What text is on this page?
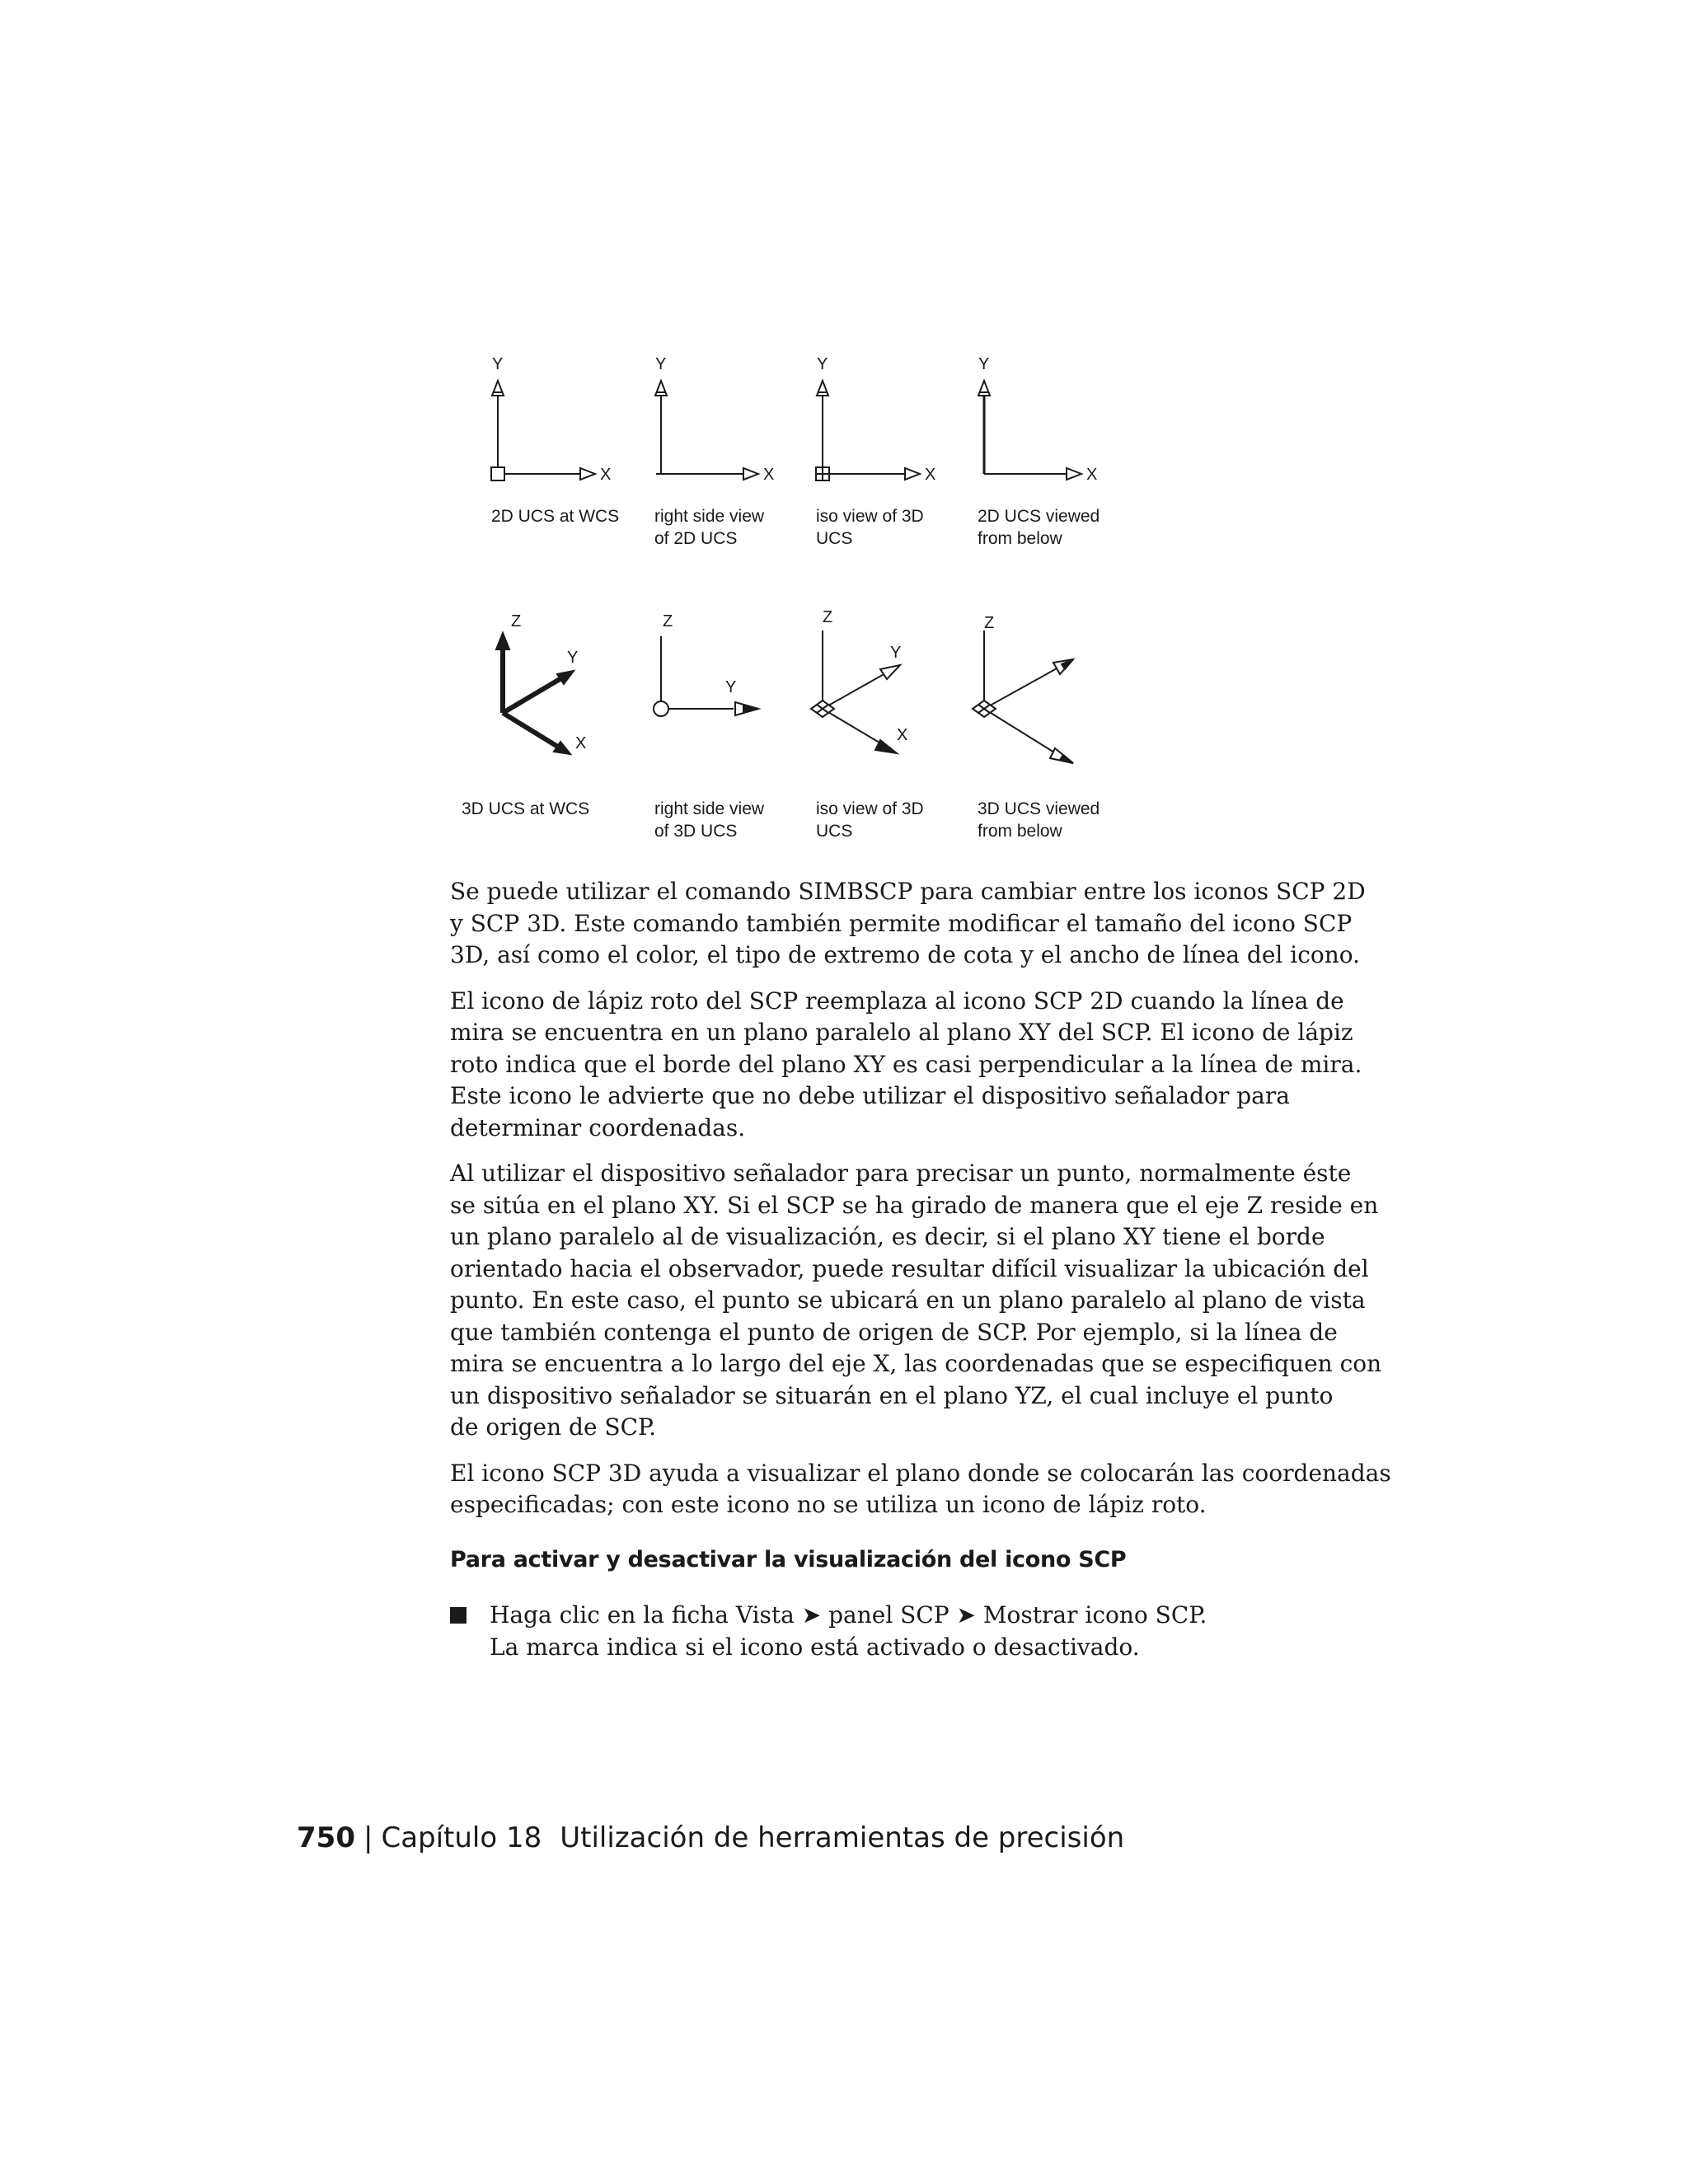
Y
X
Y
X
Y
X
Y
X
Z
Y
X
Z
Y
Z
Y
X
Z
2D UCS at WCS right side view
of 2D UCS
iso view of 3D
UCS
2D UCS viewed
from below
3D UCS at WCS	right side view
of 3D UCS
iso view of 3D
UCS
3D UCS viewed
from below

Se puede utilizar el comando SIMBSCP para cambiar entre los iconos SCP 2D
y SCP 3D. Este comando también permite modificar el tamaño del icono SCP
3D, así como el color, el tipo de extremo de cota y el ancho de línea del icono.

El icono de lápiz roto del SCP reemplaza al icono SCP 2D cuando la línea de
mira se encuentra en un plano paralelo al plano XY del SCP. El icono de lápiz
roto indica que el borde del plano XY es casi perpendicular a la línea de mira.
Este icono le advierte que no debe utilizar el dispositivo señalador para
determinar coordenadas.

Al utilizar el dispositivo señalador para precisar un punto, normalmente éste
se sitúa en el plano XY. Si el SCP se ha girado de manera que el eje Z reside en
un plano paralelo al de visualización, es decir, si el plano XY tiene el borde
orientado hacia el observador, puede resultar difícil visualizar la ubicación del
punto. En este caso, el punto se ubicará en un plano paralelo al plano de vista
que también contenga el punto de origen de SCP. Por ejemplo, si la línea de
mira se encuentra a lo largo del eje X, las coordenadas que se especifiquen con
un dispositivo señalador se situarán en el plano YZ, el cual incluye el punto
de origen de SCP.

El icono SCP 3D ayuda a visualizar el plano donde se colocarán las coordenadas
especificadas; con este icono no se utiliza un icono de lápiz roto.

Para activar y desactivar la visualización del icono SCP
Haga clic en la ficha Vista ➤ panel SCP ➤ Mostrar icono SCP.
La marca indica si el icono está activado o desactivado.
750 | Capítulo 18 Utilización de herramientas de precisión
